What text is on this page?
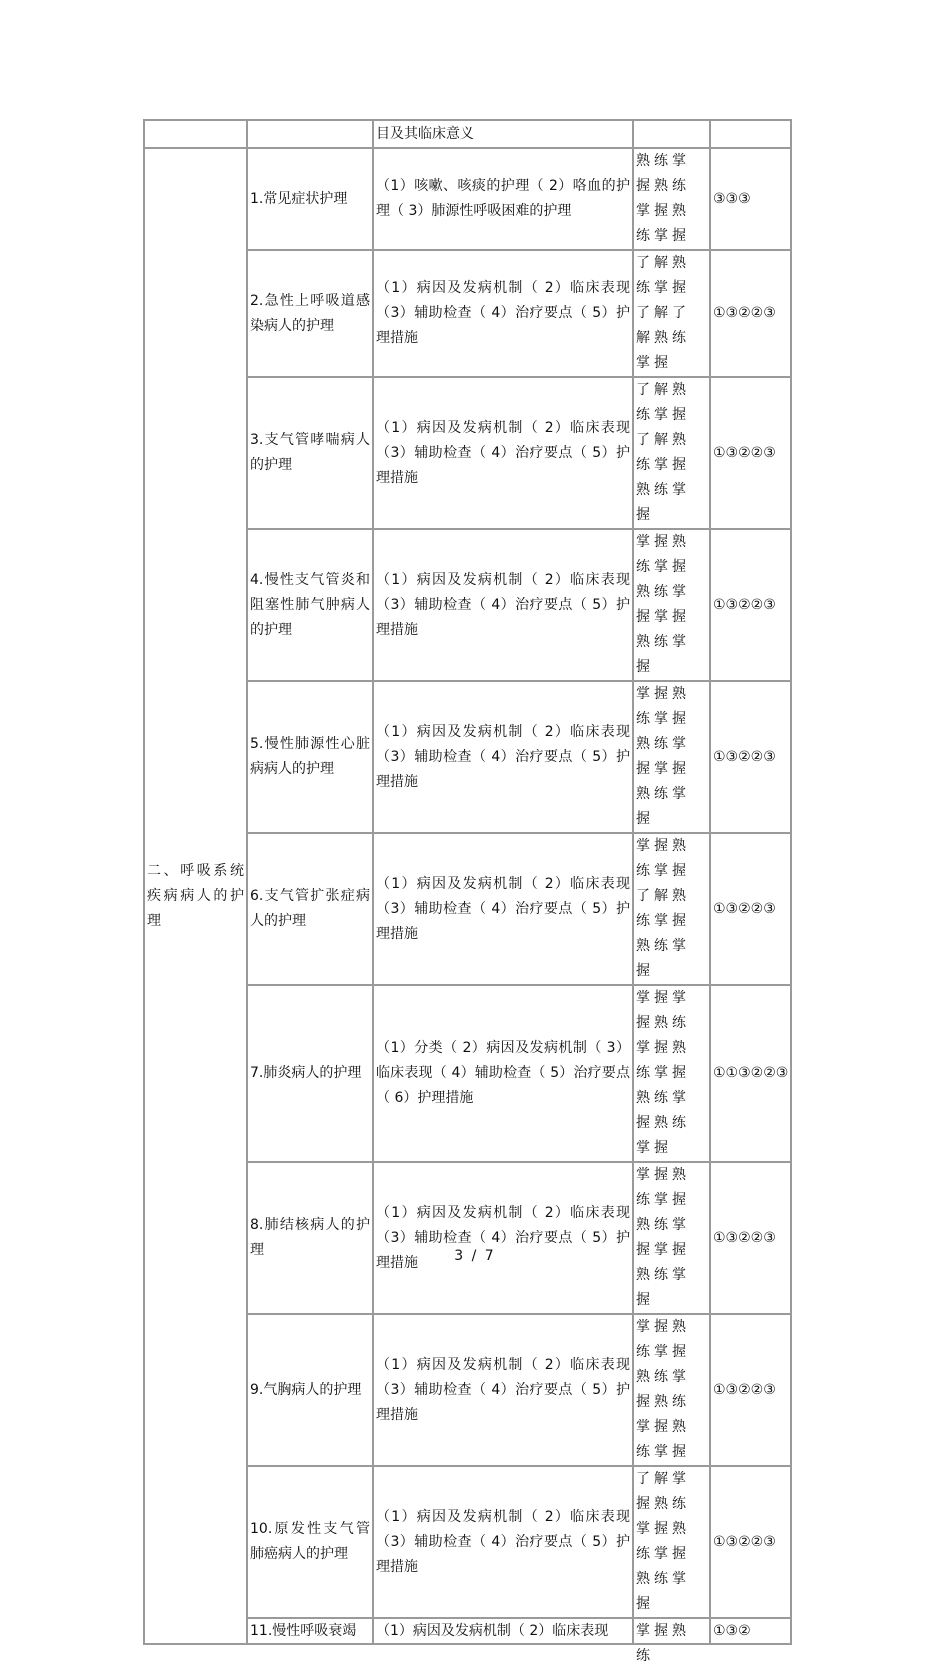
		目及其临床意义		

二、呼吸系统疾病病人的护理	1.常见症状护理	（1）咳嗽、咳痰的护理（ 2）咯血的护理（ 3）肺源性呼吸困难的护理	熟练掌握熟练掌握熟练掌握	③③③

	2.急性上呼吸道感染病人的护理	（1）病因及发病机制（ 2）临床表现（3）辅助检查（ 4）治疗要点（ 5）护理措施	了解熟练掌握了解了解熟练掌握	①③②②③

	3.支气管哮喘病人的护理	（1）病因及发病机制（ 2）临床表现（3）辅助检查（ 4）治疗要点（ 5）护理措施	了解熟练掌握了解熟练掌握熟练掌握	①③②②③

	4.慢性支气管炎和阻塞性肺气肿病人的护理	（1）病因及发病机制（ 2）临床表现（3）辅助检查（ 4）治疗要点（ 5）护理措施	掌握熟练掌握熟练掌握掌握熟练掌握	①③②②③

	5.慢性肺源性心脏病病人的护理	（1）病因及发病机制（ 2）临床表现（3）辅助检查（ 4）治疗要点（ 5）护理措施	掌握熟练掌握熟练掌握掌握熟练掌握	①③②②③

	6.支气管扩张症病人的护理	（1）病因及发病机制（ 2）临床表现（3）辅助检查（ 4）治疗要点（ 5）护理措施	掌握熟练掌握了解熟练掌握熟练掌握	①③②②③

	7.肺炎病人的护理	（1）分类（ 2）病因及发病机制（ 3）临床表现（ 4）辅助检查（ 5）治疗要点（ 6）护理措施	掌握掌握熟练掌握熟练掌握熟练掌握熟练掌握	①①③②②③

	8.肺结核病人的护理	（1）病因及发病机制（ 2）临床表现（3）辅助检查（ 4）治疗要点（ 5）护理措施	掌握熟练掌握熟练掌握掌握熟练掌握	①③②②③

	9.气胸病人的护理	（1）病因及发病机制（ 2）临床表现（3）辅助检查（ 4）治疗要点（ 5）护理措施	掌握熟练掌握熟练掌握熟练掌握熟练掌握	①③②②③

	10.原发性支气管肺癌病人的护理	（1）病因及发病机制（ 2）临床表现（3）辅助检查（ 4）治疗要点（ 5）护理措施	了解掌握熟练掌握熟练掌握熟练掌握	①③②②③

	11.慢性呼吸衰竭	（1）病因及发病机制（ 2）临床表现	掌握熟练	①③②
3 / 7
